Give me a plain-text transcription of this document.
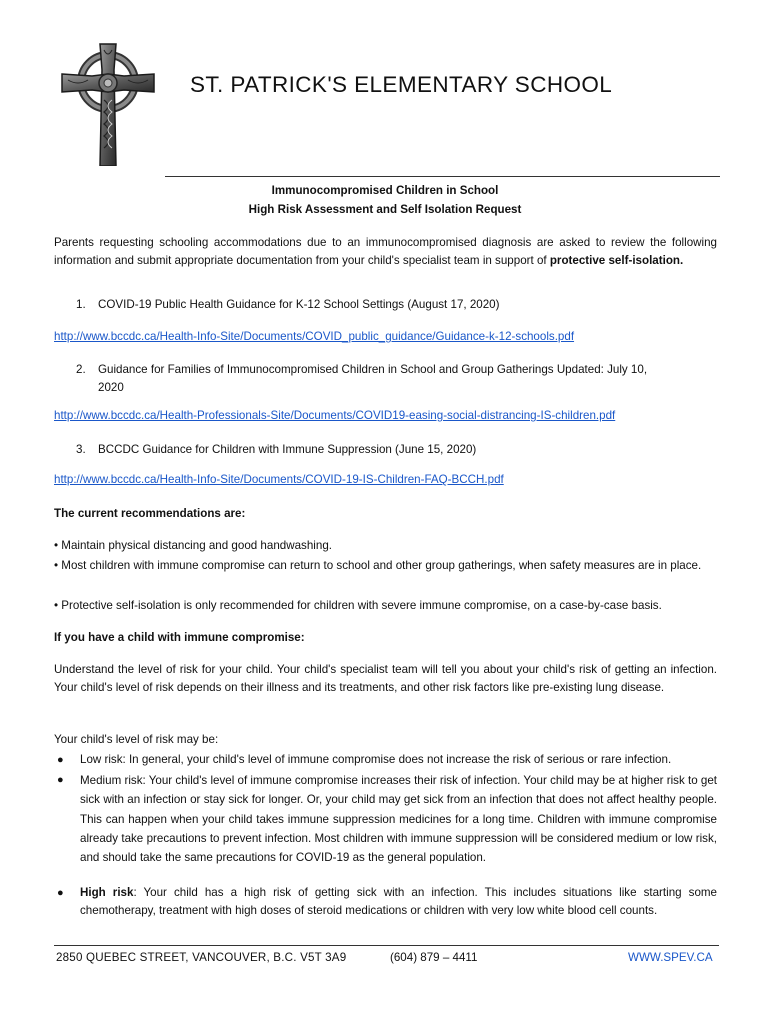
ST. PATRICK'S ELEMENTARY SCHOOL
Immunocompromised Children in School
High Risk Assessment and Self Isolation Request
Parents requesting schooling accommodations due to an immunocompromised diagnosis are asked to review the following information and submit appropriate documentation from your child's specialist team in support of protective self-isolation.
1. COVID-19 Public Health Guidance for K-12 School Settings (August 17, 2020)
http://www.bccdc.ca/Health-Info-Site/Documents/COVID_public_guidance/Guidance-k-12-schools.pdf
2. Guidance for Families of Immunocompromised Children in School and Group Gatherings Updated: July 10,
2020
http://www.bccdc.ca/Health-Professionals-Site/Documents/COVID19-easing-social-distrancing-IS-children.pdf
3. BCCDC Guidance for Children with Immune Suppression (June 15, 2020)
http://www.bccdc.ca/Health-Info-Site/Documents/COVID-19-IS-Children-FAQ-BCCH.pdf
The current recommendations are:
• Maintain physical distancing and good handwashing.
• Most children with immune compromise can return to school and other group gatherings, when safety measures are in place.
• Protective self-isolation is only recommended for children with severe immune compromise, on a case-by-case basis.
If you have a child with immune compromise:
Understand the level of risk for your child. Your child's specialist team will tell you about your child's risk of getting an infection. Your child's level of risk depends on their illness and its treatments, and other risk factors like pre-existing lung disease.
Your child's level of risk may be:
● Low risk: In general, your child's level of immune compromise does not increase the risk of serious or rare infection.
● Medium risk: Your child's level of immune compromise increases their risk of infection. Your child may be at higher risk to get sick with an infection or stay sick for longer. Or, your child may get sick from an infection that does not affect healthy people. This can happen when your child takes immune suppression medicines for a long time. Children with immune compromise already take precautions to prevent infection. Most children with immune suppression will be considered medium or low risk, and should take the same precautions for COVID-19 as the general population.
● High risk: Your child has a high risk of getting sick with an infection. This includes situations like starting some chemotherapy, treatment with high doses of steroid medications or children with very low white blood cell counts.
2850 QUEBEC STREET, VANCOUVER, B.C. V5T 3A9	(604) 879 – 4411	WWW.SPEV.CA
